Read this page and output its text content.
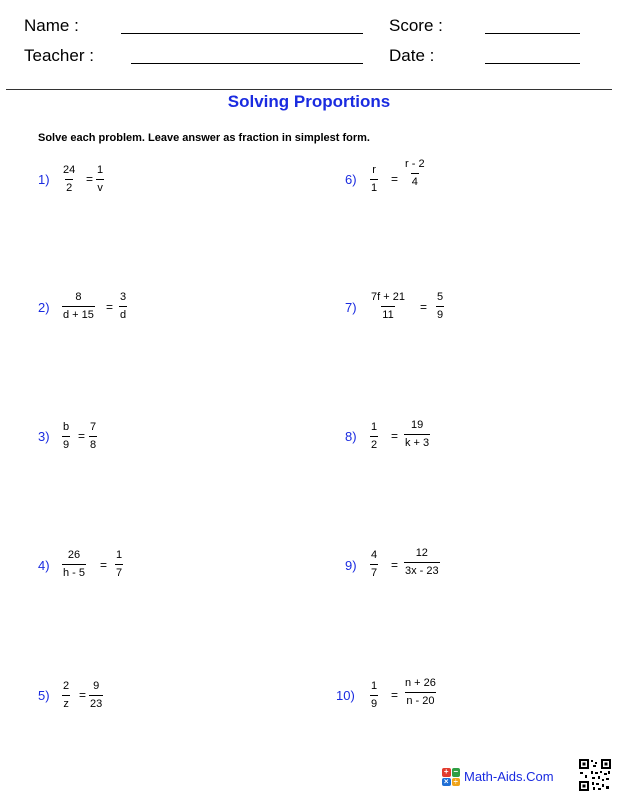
Name :	Score :
Teacher :	Date :
Solving Proportions
Solve each problem. Leave answer as fraction in simplest form.
$1) \frac{24}{2} = \frac{1}{v}$
$2) \frac{8}{d + 15} = \frac{3}{d}$
$3) \frac{b}{9} = \frac{7}{8}$
$4) \frac{26}{h - 5} = \frac{1}{7}$
$5) \frac{2}{z} = \frac{9}{23}$
$6) \frac{r}{1} = \frac{r - 2}{4}$
$7) \frac{7f + 21}{11} = \frac{5}{9}$
$8) \frac{1}{2} = \frac{19}{k + 3}$
$9) \frac{4}{7} = \frac{12}{3x - 23}$
$10) \frac{1}{9} = \frac{n + 26}{n - 20}$
+ −
× ÷ Math-Aids.Com
